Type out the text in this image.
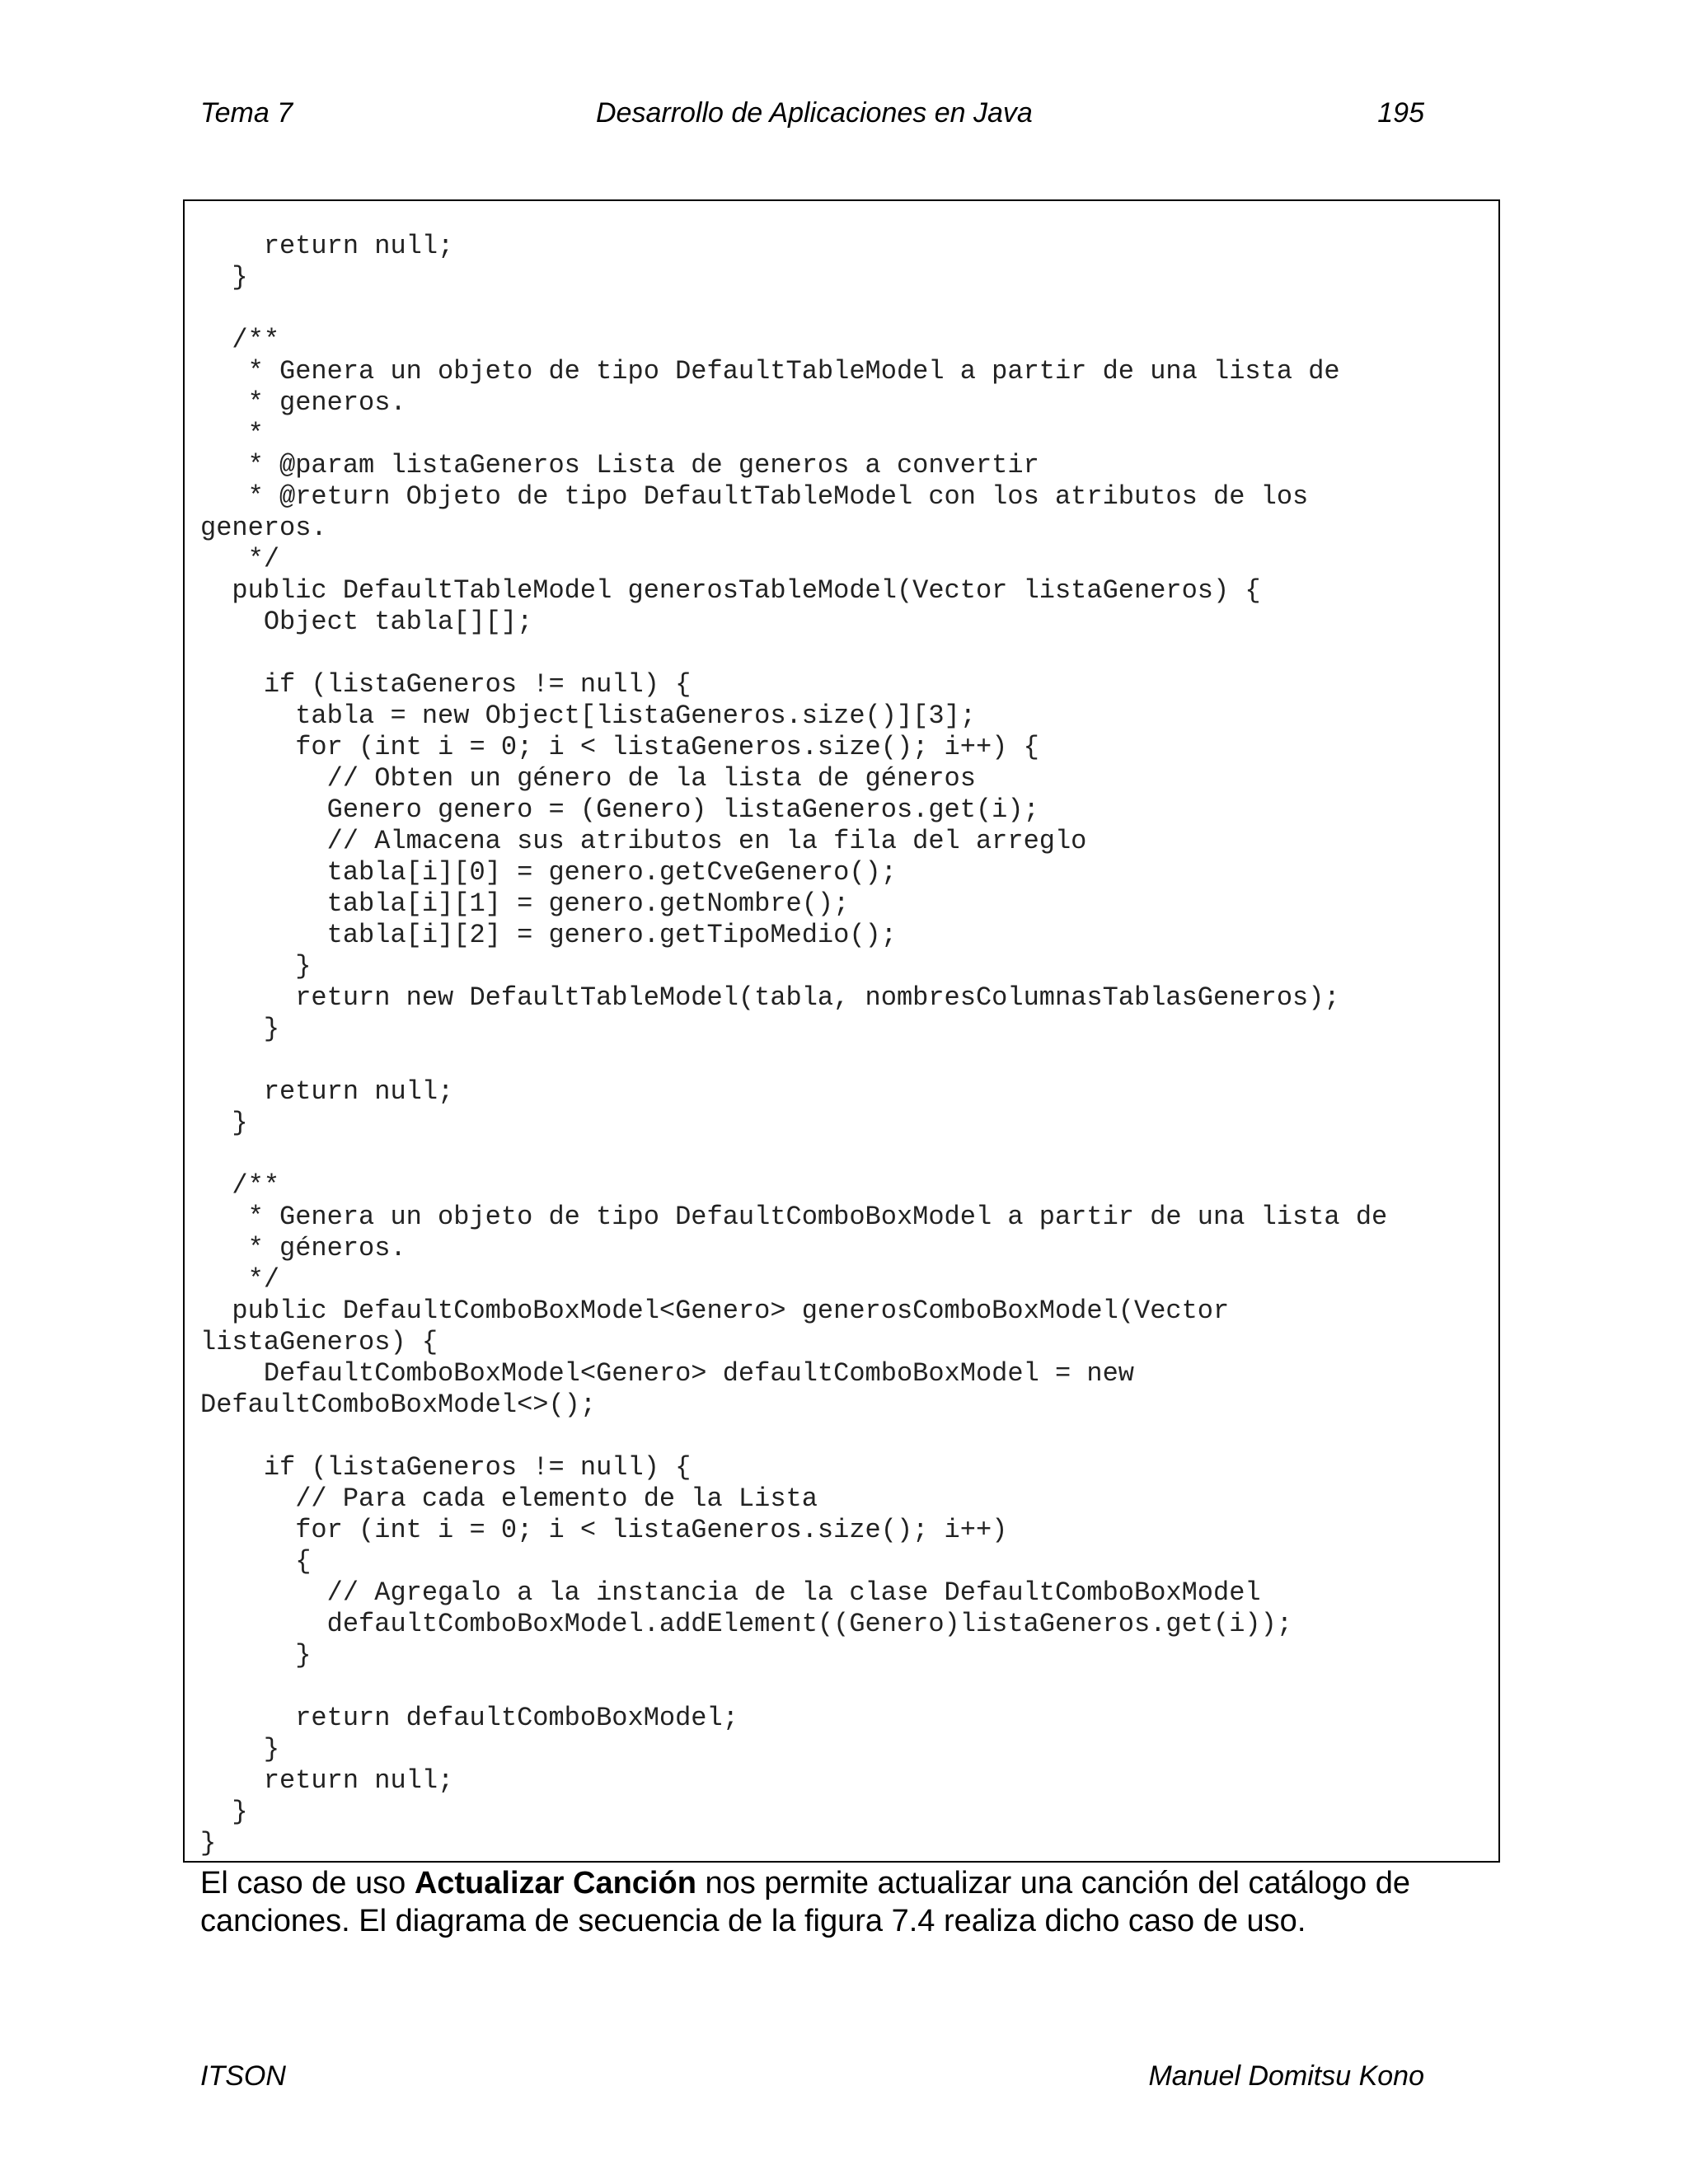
Tema 7	Desarrollo de Aplicaciones en Java	195
return null;
}
/**
* Genera un objeto de tipo DefaultTableModel a partir de una lista de
* generos.
*
* @param listaGeneros Lista de generos a convertir
* @return Objeto de tipo DefaultTableModel con los atributos de los
generos.
*/
public DefaultTableModel generosTableModel(Vector listaGeneros) {
Object tabla[][];
if (listaGeneros != null) {
tabla = new Object[listaGeneros.size()][3];
for (int i = 0; i < listaGeneros.size(); i++) {
// Obten un género de la lista de géneros
Genero genero = (Genero) listaGeneros.get(i);
// Almacena sus atributos en la fila del arreglo
tabla[i][0] = genero.getCveGenero();
tabla[i][1] = genero.getNombre();
tabla[i][2] = genero.getTipoMedio();
}
return new DefaultTableModel(tabla, nombresColumnasTablasGeneros);
}
return null;
}
/**
* Genera un objeto de tipo DefaultComboBoxModel a partir de una lista de
* géneros.
*/
public DefaultComboBoxModel<Genero> generosComboBoxModel(Vector
listaGeneros) {
DefaultComboBoxModel<Genero> defaultComboBoxModel = new
DefaultComboBoxModel<>();
if (listaGeneros != null) {
// Para cada elemento de la Lista
for (int i = 0; i < listaGeneros.size(); i++)
{
// Agregalo a la instancia de la clase DefaultComboBoxModel
defaultComboBoxModel.addElement((Genero)listaGeneros.get(i));
}
return defaultComboBoxModel;
}
return null;
}
}
El caso de uso Actualizar Canción nos permite actualizar una canción del catálogo de canciones. El diagrama de secuencia de la figura 7.4 realiza dicho caso de uso.
ITSON	Manuel Domitsu Kono
